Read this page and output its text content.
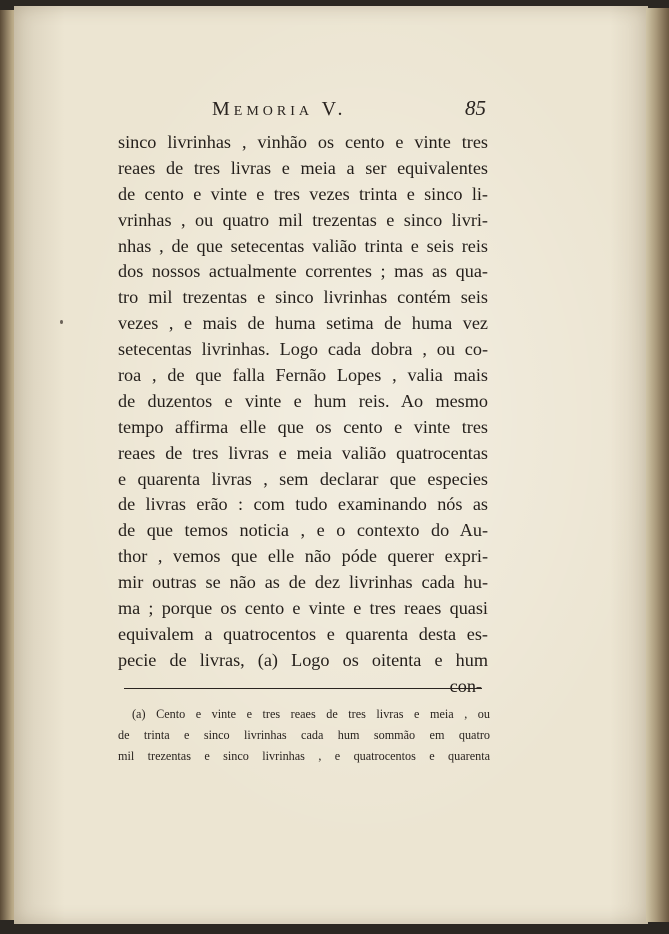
Memoria V.	85
sinco livrinhas , vinhão os cento e vinte tres
reaes de tres livras e meia a ser equivalentes
de cento e vinte e tres vezes trinta e sinco li-
vrinhas , ou quatro mil trezentas e sinco livri-
nhas , de que setecentas valião trinta e seis reis
dos nossos actualmente correntes ; mas as qua-
tro mil trezentas e sinco livrinhas contém seis
vezes , e mais de huma setima de huma vez
setecentas livrinhas. Logo cada dobra , ou co-
roa , de que falla Fernão Lopes , valia mais
de duzentos e vinte e hum reis. Ao mesmo
tempo affirma elle que os cento e vinte tres
reaes de tres livras e meia valião quatrocentas
e quarenta livras , sem declarar que especies
de livras erão : com tudo examinando nós as
de que temos noticia , e o contexto do Au-
thor , vemos que elle não póde querer expri-
mir outras se não as de dez livrinhas cada hu-
ma ; porque os cento e vinte e tres reaes quasi
equivalem a quatrocentos e quarenta desta es-
pecie de livras, (a) Logo os oitenta e hum
con-
(a) Cento e vinte e tres reaes de tres livras e meia , ou
de trinta e sinco livrinhas cada hum sommão em quatro
mil trezentas e sinco livrinhas , e quatrocentos e quarenta
